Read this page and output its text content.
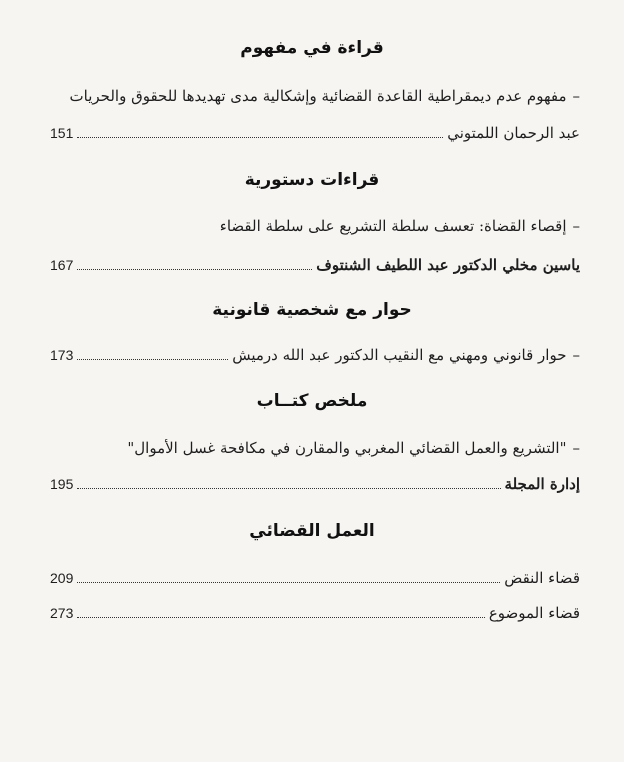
قراءة في مفهوم
–مفهوم عدم ديمقراطية القاعدة القضائية وإشكالية مدى تهديدها للحقوق والحريات
عبد الرحمان اللمتوني
151
قراءات دستورية
–إقصاء القضاة: تعسف سلطة التشريع على سلطة القضاء
ياسين مخلي الدكتور عبد اللطيف الشنتوف
167
حوار مع شخصية قانونية
–حوار قانوني ومهني مع النقيب الدكتور عبد الله درميش
173
ملخص كتــاب
–"التشريع والعمل القضائي المغربي والمقارن في مكافحة غسل الأموال"
إدارة المجلة
195
العمل القضائي
قضاء النقض
209
قضاء الموضوع
273
